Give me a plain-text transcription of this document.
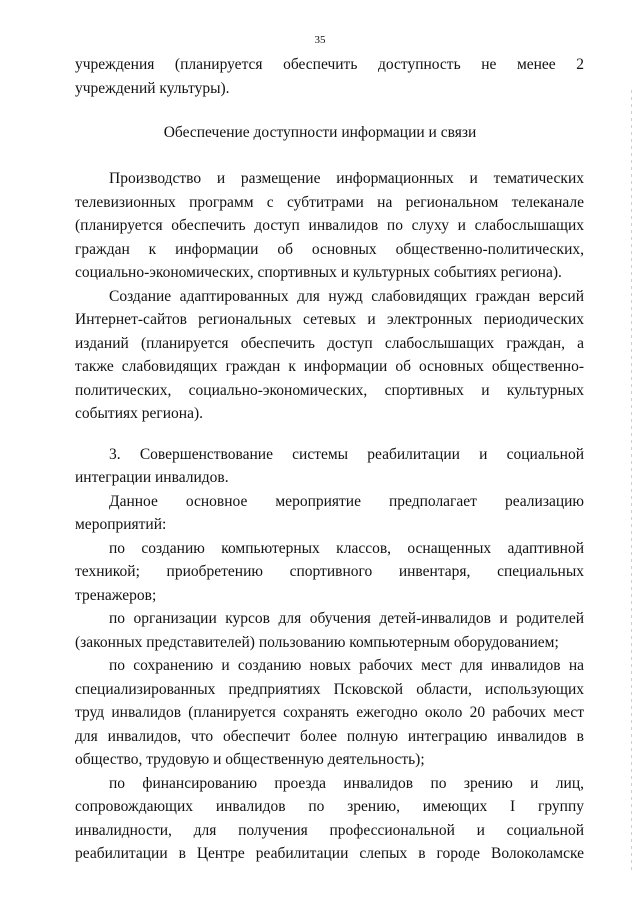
35
учреждения (планируется обеспечить доступность не менее 2
учреждений культуры).
Обеспечение доступности информации и связи
Производство и размещение информационных и тематических
телевизионных программ с субтитрами на региональном телеканале
(планируется обеспечить доступ инвалидов по слуху и слабослышащих
граждан к информации об основных общественно-политических,
социально-экономических, спортивных и культурных событиях региона).
Создание адаптированных для нужд слабовидящих граждан версий
Интернет-сайтов региональных сетевых и электронных периодических
изданий (планируется обеспечить доступ слабослышащих граждан, а
также слабовидящих граждан к информации об основных общественно-
политических, социально-экономических, спортивных и культурных
событиях региона).
3. Совершенствование системы реабилитации и социальной
интеграции инвалидов.
Данное основное мероприятие предполагает реализацию
мероприятий:
по созданию компьютерных классов, оснащенных адаптивной
техникой; приобретению спортивного инвентаря, специальных
тренажеров;
по организации курсов для обучения детей-инвалидов и родителей
(законных представителей) пользованию компьютерным оборудованием;
по сохранению и созданию новых рабочих мест для инвалидов на
специализированных предприятиях Псковской области, использующих
труд инвалидов (планируется сохранять ежегодно около 20 рабочих мест
для инвалидов, что обеспечит более полную интеграцию инвалидов в
общество, трудовую и общественную деятельность);
по финансированию проезда инвалидов по зрению и лиц,
сопровождающих инвалидов по зрению, имеющих I группу
инвалидности, для получения профессиональной и социальной
реабилитации в Центре реабилитации слепых в городе Волоколамске
